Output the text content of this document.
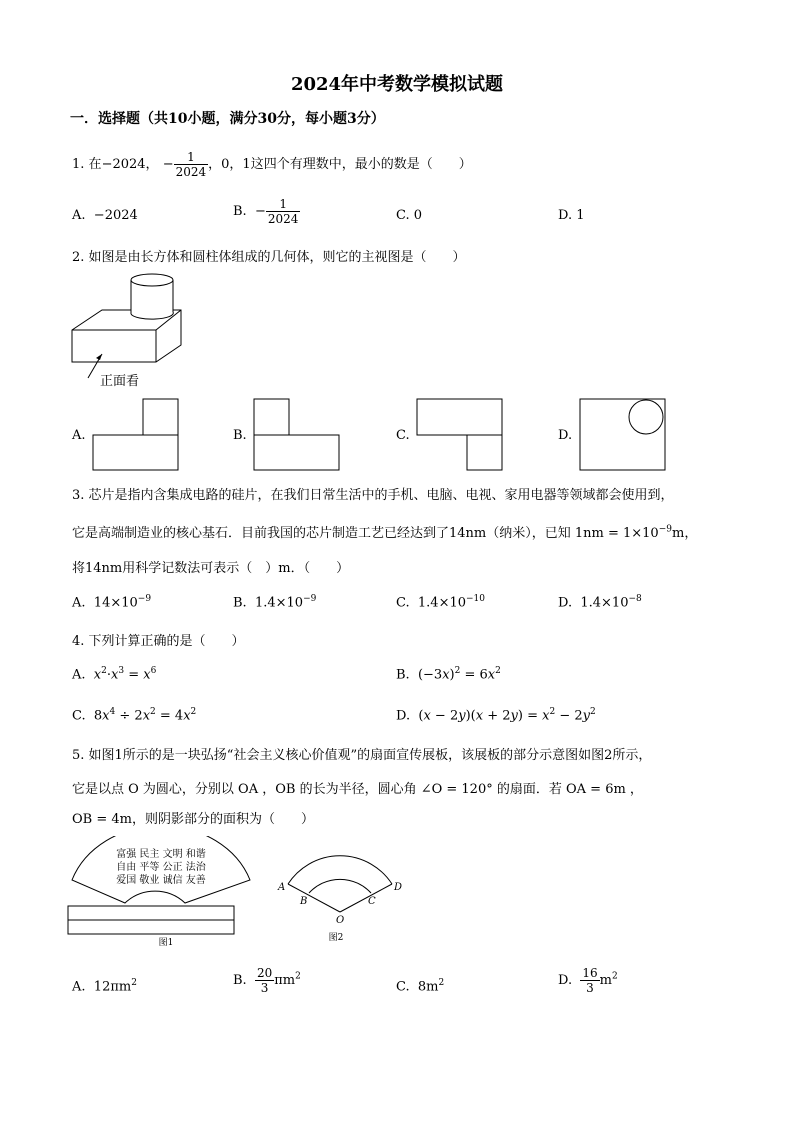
2024年中考数学模拟试题
一．选择题（共10小题，满分30分，每小题3分）
1. 在−2024， − $\frac{1}{2024}$ ，0，1这四个有理数中，最小的数是（　　）
A. −2024	B. − $\frac{1}{2024}$	C. 0	D. 1
2. 如图是由长方体和圆柱体组成的几何体，则它的主视图是（　　）
正面看
A.	B.	C.	D.
3. 芯片是指内含集成电路的硅片，在我们日常生活中的手机、电脑、电视、家用电器等领域都会使用到，
它是高端制造业的核心基石．目前我国的芯片制造工艺已经达到了14nm（纳米），已知 $1nm = 1\times 10^{-9}m$，
将14nm用科学记数法可表示（　）m．（　　）
A. $14\times 10^{-9}$	B. $1.4\times 10^{-9}$	C. $1.4\times 10^{-10}$	D. $1.4\times 10^{-8}$
4. 下列计算正确的是（　　）
A. $x^2\cdot x^3 = x^6$	B.  $(-3x)^2 = 6x^2$
C.  $8x^4 \div 2x^2 = 4x^2$	D.  $(x - 2y)(x + 2y) = x^2 - 2y^2$
5. 如图1所示的是一块弘扬“社会主义核心价值观”的扇面宣传展板，该展板的部分示意图如图2所示，
它是以点 O 为圆心，分别以 OA ，OB 的长为半径，圆心角 ∠O = 120° 的扇面．若 OA = 6m ，
OB = 4m，则阴影部分的面积为（　　）
富强 民主 文明 和谐
自由 平等 公正 法治
爱国 敬业 诚信 友善
图1
A
B
O
C
D
图2
A. $12\pi m^2$	B. $\frac{20}{3} \pi m^2$
C. $8m^2$	D. $\frac{16}{3} m^2$
